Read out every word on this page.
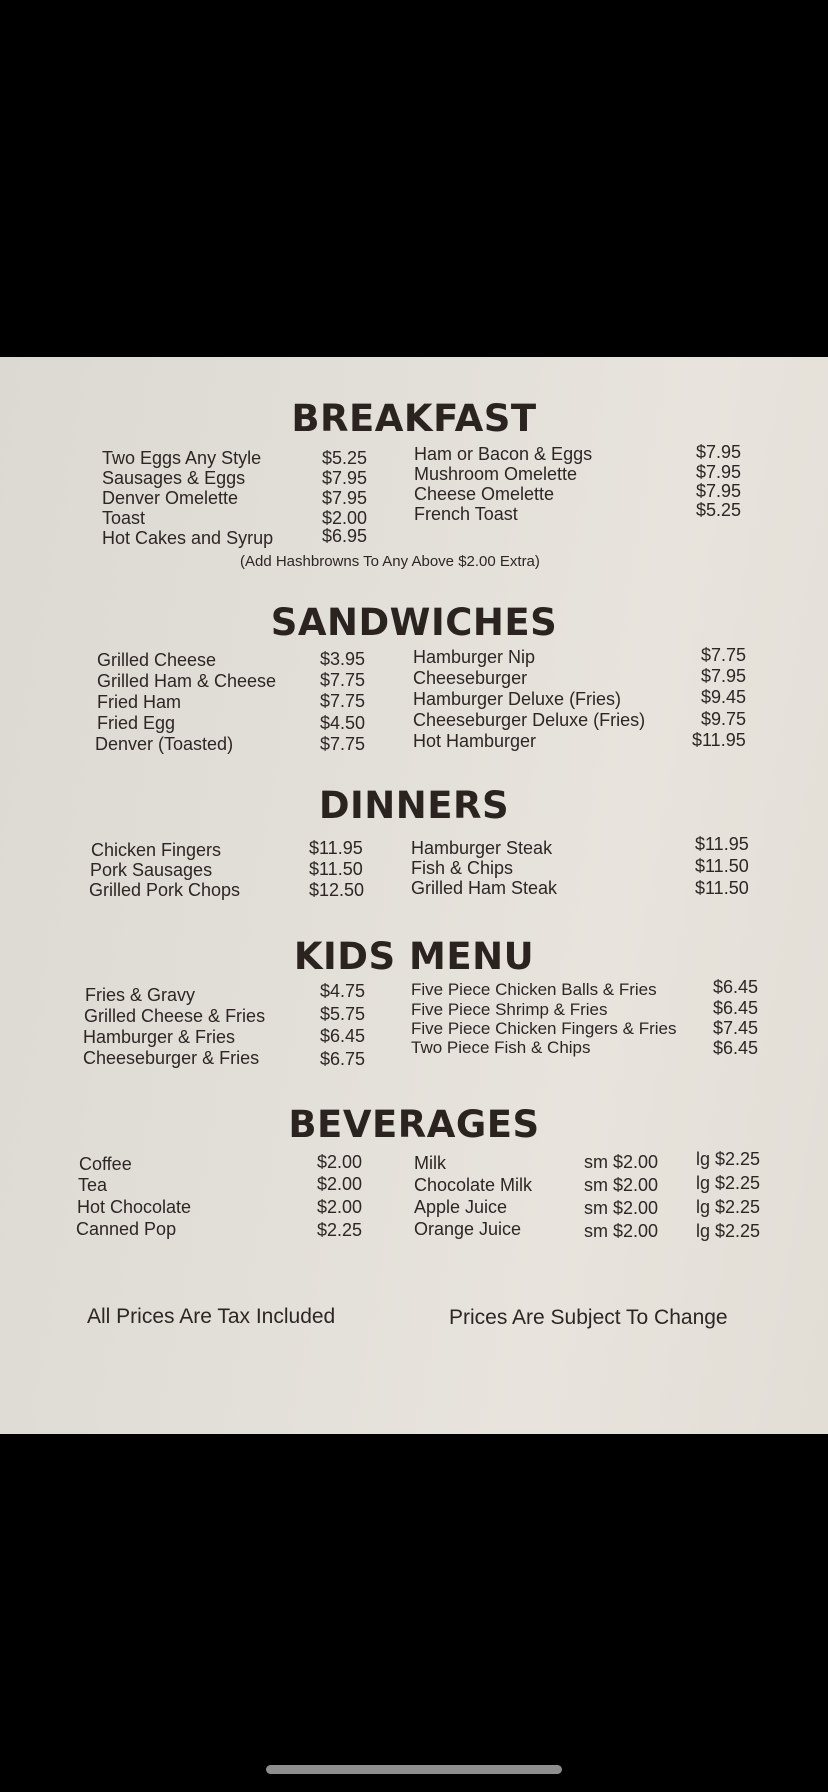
BREAKFAST
Two Eggs Any Style	$5.25
Sausages & Eggs	$7.95
Denver Omelette	$7.95
Toast	$2.00
Hot Cakes and Syrup	$6.95
Ham or Bacon & Eggs	$7.95
Mushroom Omelette	$7.95
Cheese Omelette	$7.95
French Toast	$5.25
(Add Hashbrowns To Any Above $2.00 Extra)
SANDWICHES
Grilled Cheese	$3.95
Grilled Ham & Cheese $7.75
Fried Ham	$7.75
Fried Egg	$4.50
Denver (Toasted)	$7.75
Hamburger Nip	$7.75
Cheeseburger	$7.95
Hamburger Deluxe (Fries)	$9.45
Cheeseburger Deluxe (Fries)	$9.75
Hot Hamburger	$11.95
DINNERS
Chicken Fingers	$11.95
Pork Sausages	$11.50
Grilled Pork Chops	$12.50
Hamburger Steak	$11.95
Fish & Chips	$11.50
Grilled Ham Steak	$11.50
KIDS MENU
Fries & Gravy	$4.75
Grilled Cheese & Fries	$5.75
Hamburger & Fries	$6.45
Cheeseburger & Fries	$6.75
Five Piece Chicken Balls & Fries	$6.45
Five Piece Shrimp & Fries	$6.45
Five Piece Chicken Fingers & Fries $7.45
Two Piece Fish & Chips	$6.45
BEVERAGES
Coffee	$2.00
Tea	$2.00
Hot Chocolate	$2.00
Canned Pop	$2.25
Milk	sm $2.00 lg $2.25
Chocolate Milk	sm $2.00 lg $2.25
Apple Juice	sm $2.00 lg $2.25
Orange Juice	sm $2.00 lg $2.25
All Prices Are Tax Included	Prices Are Subject To Change
